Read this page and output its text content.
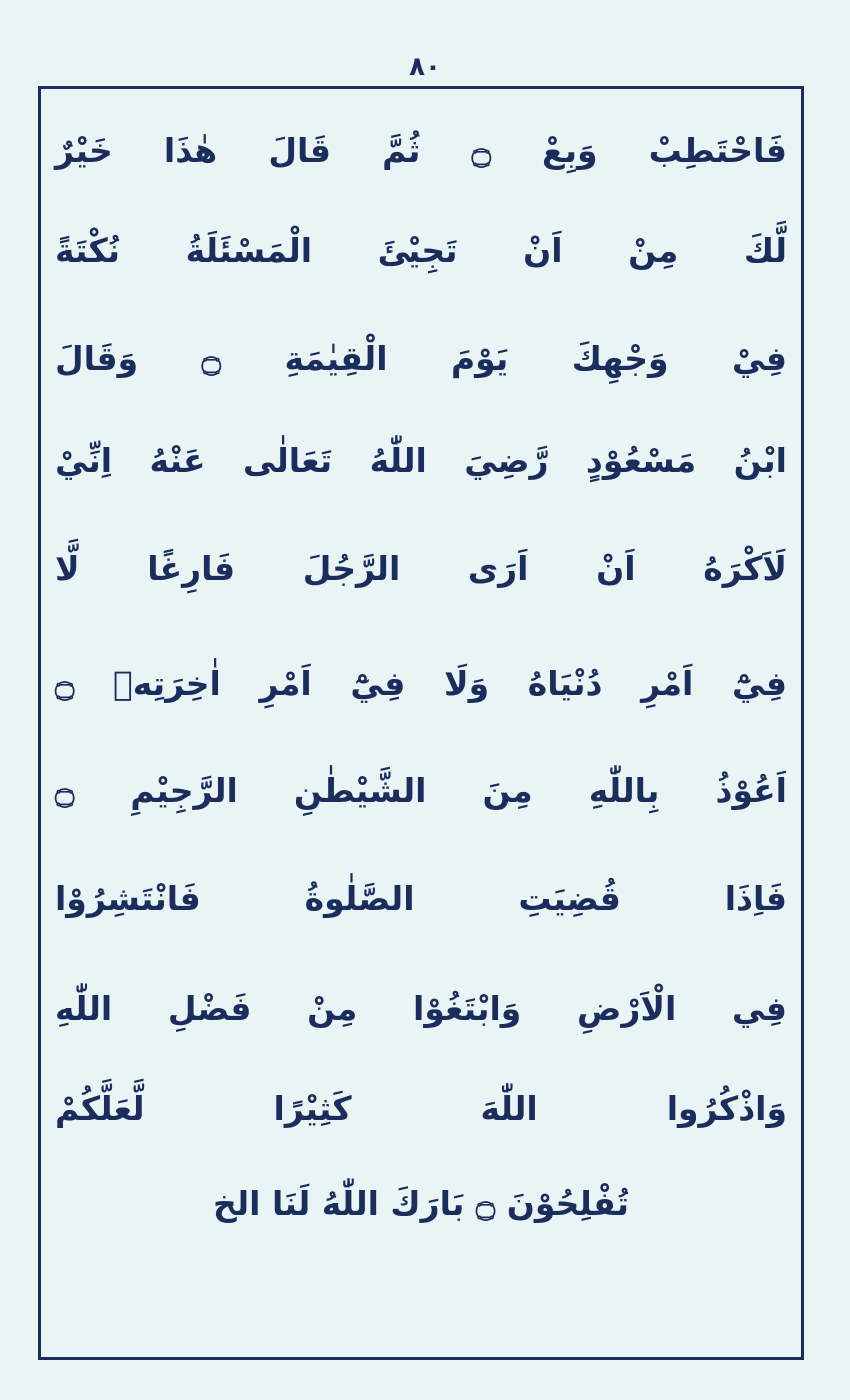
٨٠
فَاحْتَطِبْ وَبِعْ ۝ ثُمَّ قَالَ هٰذَا خَيْرٌ
لَّكَ مِنْ اَنْ تَجِيْئَ الْمَسْئَلَةُ نُكْتَةً
فِيْ وَجْهِكَ يَوْمَ الْقِيٰمَةِ ۝ وَقَالَ
ابْنُ مَسْعُوْدٍ رَّضِيَ اللّٰهُ تَعَالٰى عَنْهُ اِنِّيْ
لَاَكْرَهُ اَنْ اَرَى الرَّجُلَ فَارِغًا لَّا
فِيْٓ اَمْرِ دُنْيَاهُ وَلَا فِيْٓ اَمْرِ اٰخِرَتِهٖ ۝
اَعُوْذُ بِاللّٰهِ مِنَ الشَّيْطٰنِ الرَّجِيْمِ ۝
فَاِذَا قُضِيَتِ الصَّلٰوةُ فَانْتَشِرُوْا
فِي الْاَرْضِ وَابْتَغُوْا مِنْ فَضْلِ اللّٰهِ
وَاذْكُرُوا اللّٰهَ كَثِيْرًا لَّعَلَّكُمْ
تُفْلِحُوْنَ ۝ بَارَكَ اللّٰهُ لَنَا الخ
